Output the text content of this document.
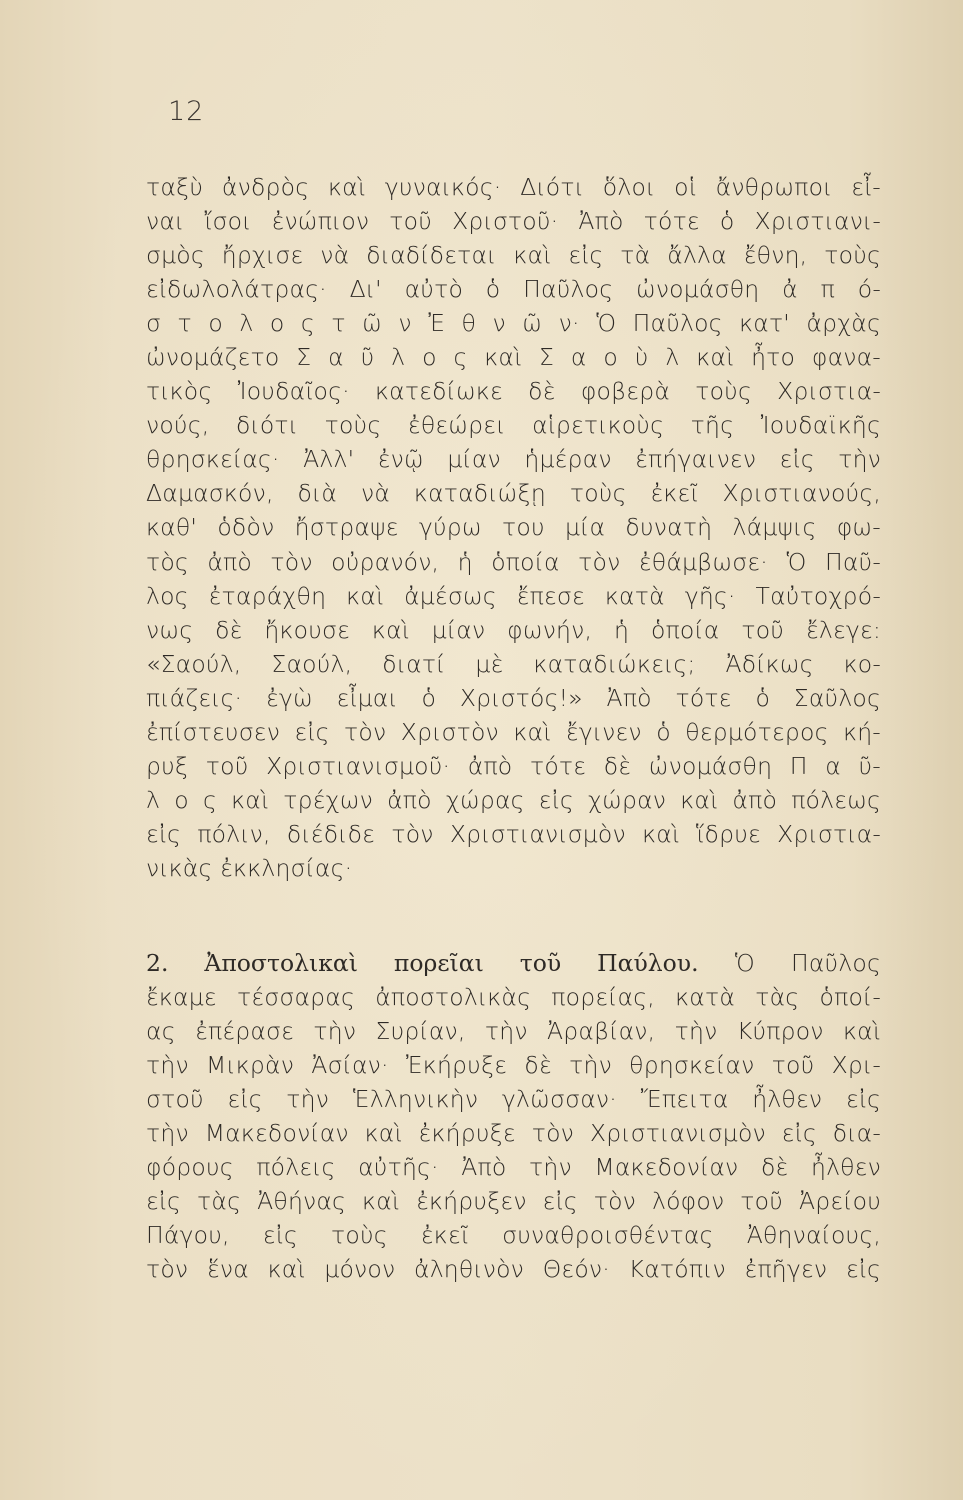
12
ταξὺ ἀνδρὸς καὶ γυναικός· Διότι ὅλοι οἱ ἄνθρωποι εἶ-
ναι ἴσοι ἐνώπιον τοῦ Χριστοῦ· Ἀπὸ τότε ὁ Χριστιανι-
σμὸς ἤρχισε νὰ διαδίδεται καὶ εἰς τὰ ἄλλα ἔθνη, τοὺς
εἰδωλολάτρας· Δι' αὐτὸ ὁ Παῦλος ὠνομάσθη ἀ π ό-
σ τ ο λ ο ς τ ῶ ν Ἐ θ ν ῶ ν· Ὁ Παῦλος κατ' ἀρχὰς
ὠνομάζετο Σ α ῦ λ ο ς καὶ Σ α ο ὺ λ καὶ ἦτο φανα-
τικὸς Ἰουδαῖος· κατεδίωκε δὲ φοβερὰ τοὺς Χριστια-
νούς, διότι τοὺς ἐθεώρει αἱρετικοὺς τῆς Ἰουδαϊκῆς
θρησκείας· Ἀλλ' ἐνῷ μίαν ἡμέραν ἐπήγαινεν εἰς τὴν
Δαμασκόν, διὰ νὰ καταδιώξῃ τοὺς ἐκεῖ Χριστιανούς,
καθ' ὁδὸν ἤστραψε γύρω του μία δυνατὴ λάμψις φω-
τὸς ἀπὸ τὸν οὐρανόν, ἡ ὁποία τὸν ἐθάμβωσε· Ὁ Παῦ-
λος ἐταράχθη καὶ ἀμέσως ἔπεσε κατὰ γῆς· Ταὐτοχρό-
νως δὲ ἤκουσε καὶ μίαν φωνήν, ἡ ὁποία τοῦ ἔλεγε:
«Σαούλ, Σαούλ, διατί μὲ καταδιώκεις; Ἀδίκως κο-
πιάζεις· ἐγὼ εἶμαι ὁ Χριστός!» Ἀπὸ τότε ὁ Σαῦλος
ἐπίστευσεν εἰς τὸν Χριστὸν καὶ ἔγινεν ὁ θερμότερος κή-
ρυξ τοῦ Χριστιανισμοῦ· ἀπὸ τότε δὲ ὠνομάσθη Π α ῦ-
λ ο ς καὶ τρέχων ἀπὸ χώρας εἰς χώραν καὶ ἀπὸ πόλεως
εἰς πόλιν, διέδιδε τὸν Χριστιανισμὸν καὶ ἵδρυε Χριστια-
νικὰς ἐκκλησίας·
2. Ἀποστολικαὶ πορεῖαι τοῦ Παύλου. Ὁ Παῦλος
ἔκαμε τέσσαρας ἀποστολικὰς πορείας, κατὰ τὰς ὁποί-
ας ἐπέρασε τὴν Συρίαν, τὴν Ἀραβίαν, τὴν Κύπρον καὶ
τὴν Μικρὰν Ἀσίαν· Ἐκήρυξε δὲ τὴν θρησκείαν τοῦ Χρι-
στοῦ εἰς τὴν Ἑλληνικὴν γλῶσσαν· Ἔπειτα ἦλθεν εἰς
τὴν Μακεδονίαν καὶ ἐκήρυξε τὸν Χριστιανισμὸν εἰς δια-
φόρους πόλεις αὐτῆς· Ἀπὸ τὴν Μακεδονίαν δὲ ἦλθεν
εἰς τὰς Ἀθήνας καὶ ἐκήρυξεν εἰς τὸν λόφον τοῦ Ἀρείου
Πάγου, εἰς τοὺς ἐκεῖ συναθροισθέντας Ἀθηναίους,
τὸν ἕνα καὶ μόνον ἀληθινὸν Θεόν· Κατόπιν ἐπῆγεν εἰς
